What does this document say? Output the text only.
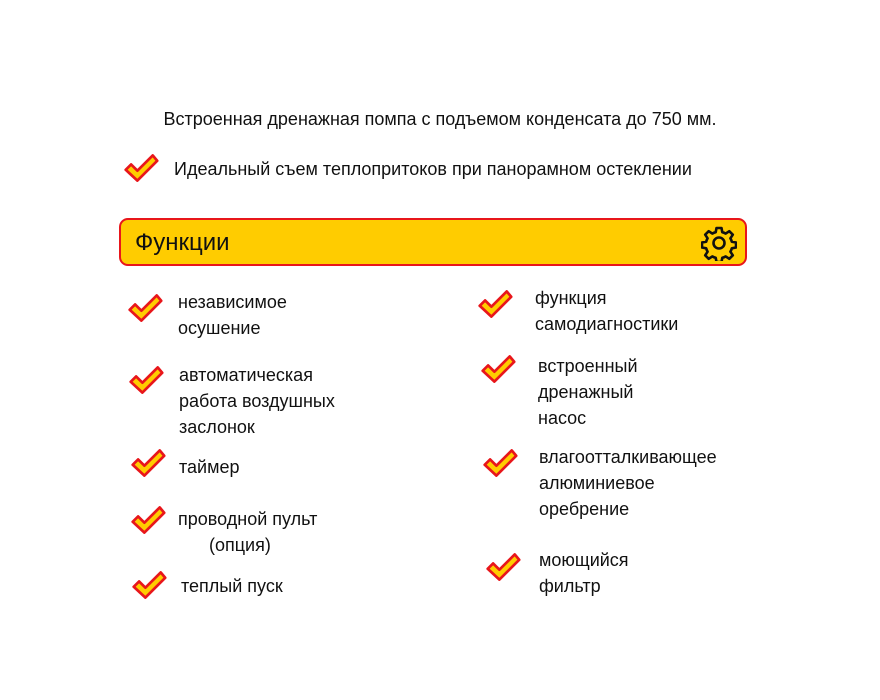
Встроенная дренажная помпа с подъемом конденсата до 750 мм.
Идеальный съем теплопритоков при панорамном остеклении
Функции
независимое
осушение
автоматическая
работа воздушных
заслонок
таймер
проводной пульт
(опция)
теплый пуск
функция
самодиагностики
встроенный
дренажный
насос
влагоотталкивающее
алюминиевое
оребрение
моющийся
фильтр
